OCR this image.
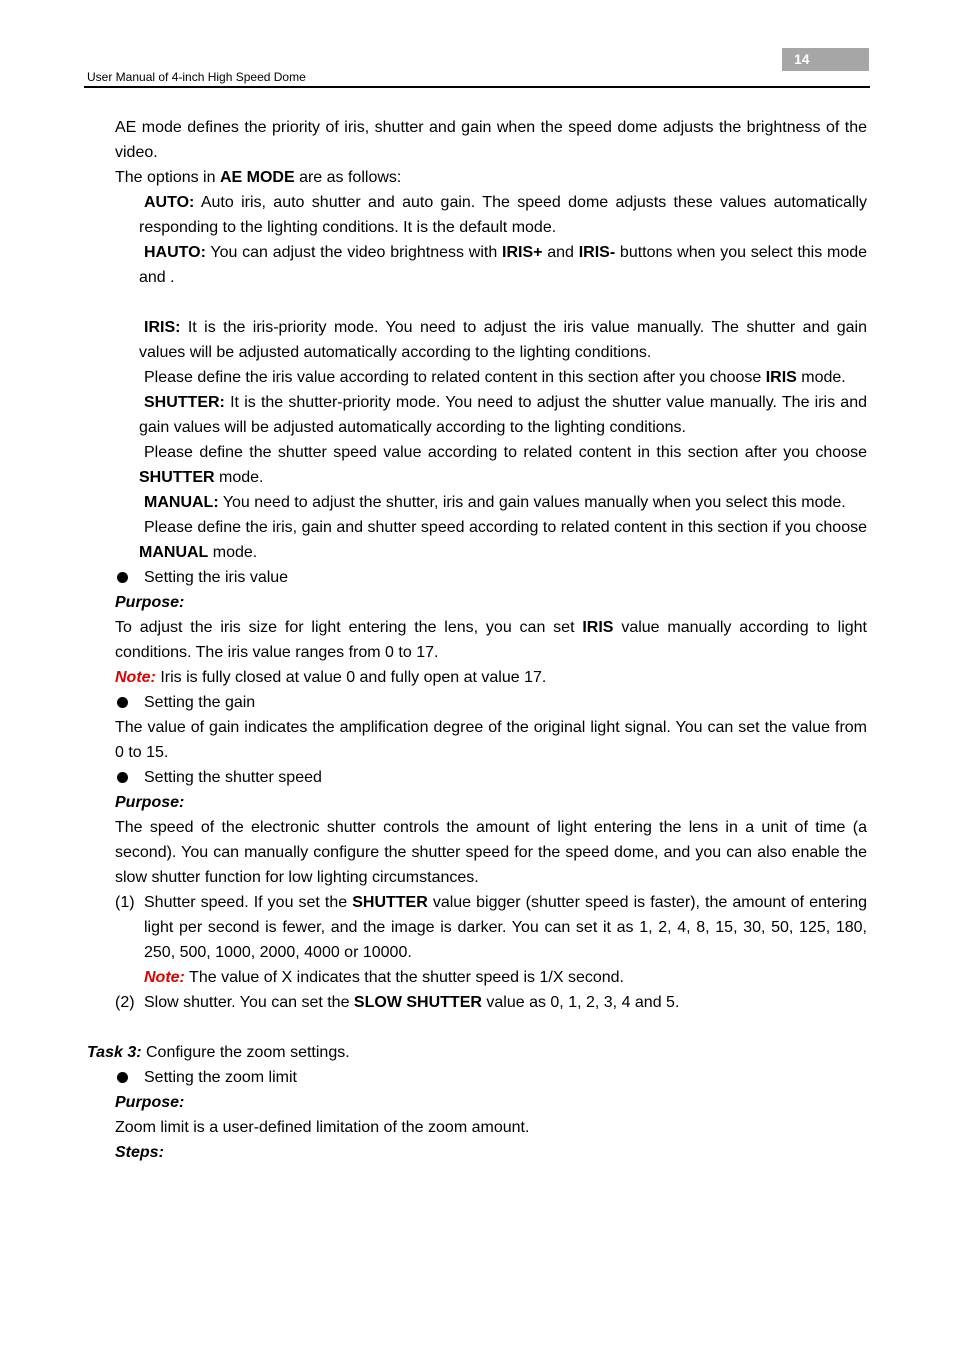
14
User Manual of 4-inch High Speed Dome

AE mode defines the priority of iris, shutter and gain when the speed dome adjusts the brightness of the video.

The options in AE MODE are as follows:

AUTO: Auto iris, auto shutter and auto gain. The speed dome adjusts these values automatically responding to the lighting conditions. It is the default mode.

HAUTO: You can adjust the video brightness with IRIS+ and IRIS- buttons when you select this mode and .

IRIS: It is the iris-priority mode. You need to adjust the iris value manually. The shutter and gain values will be adjusted automatically according to the lighting conditions.

Please define the iris value according to related content in this section after you choose IRIS mode.

SHUTTER: It is the shutter-priority mode. You need to adjust the shutter value manually. The iris and gain values will be adjusted automatically according to the lighting conditions.

Please define the shutter speed value according to related content in this section after you choose SHUTTER mode.

MANUAL: You need to adjust the shutter, iris and gain values manually when you select this mode.

Please define the iris, gain and shutter speed according to related content in this section if you choose MANUAL mode.

Setting the iris value

Purpose:

To adjust the iris size for light entering the lens, you can set IRIS value manually according to light conditions. The iris value ranges from 0 to 17.

Note: Iris is fully closed at value 0 and fully open at value 17.

Setting the gain

The value of gain indicates the amplification degree of the original light signal. You can set the value from 0 to 15.

Setting the shutter speed

Purpose:

The speed of the electronic shutter controls the amount of light entering the lens in a unit of time (a second). You can manually configure the shutter speed for the speed dome, and you can also enable the slow shutter function for low lighting circumstances.

(1) Shutter speed. If you set the SHUTTER value bigger (shutter speed is faster), the amount of entering light per second is fewer, and the image is darker. You can set it as 1, 2, 4, 8, 15, 30, 50, 125, 180, 250, 500, 1000, 2000, 4000 or 10000.
Note: The value of X indicates that the shutter speed is 1/X second.
(2) Slow shutter. You can set the SLOW SHUTTER value as 0, 1, 2, 3, 4 and 5.

Task 3: Configure the zoom settings.

Setting the zoom limit

Purpose:

Zoom limit is a user-defined limitation of the zoom amount.

Steps:
